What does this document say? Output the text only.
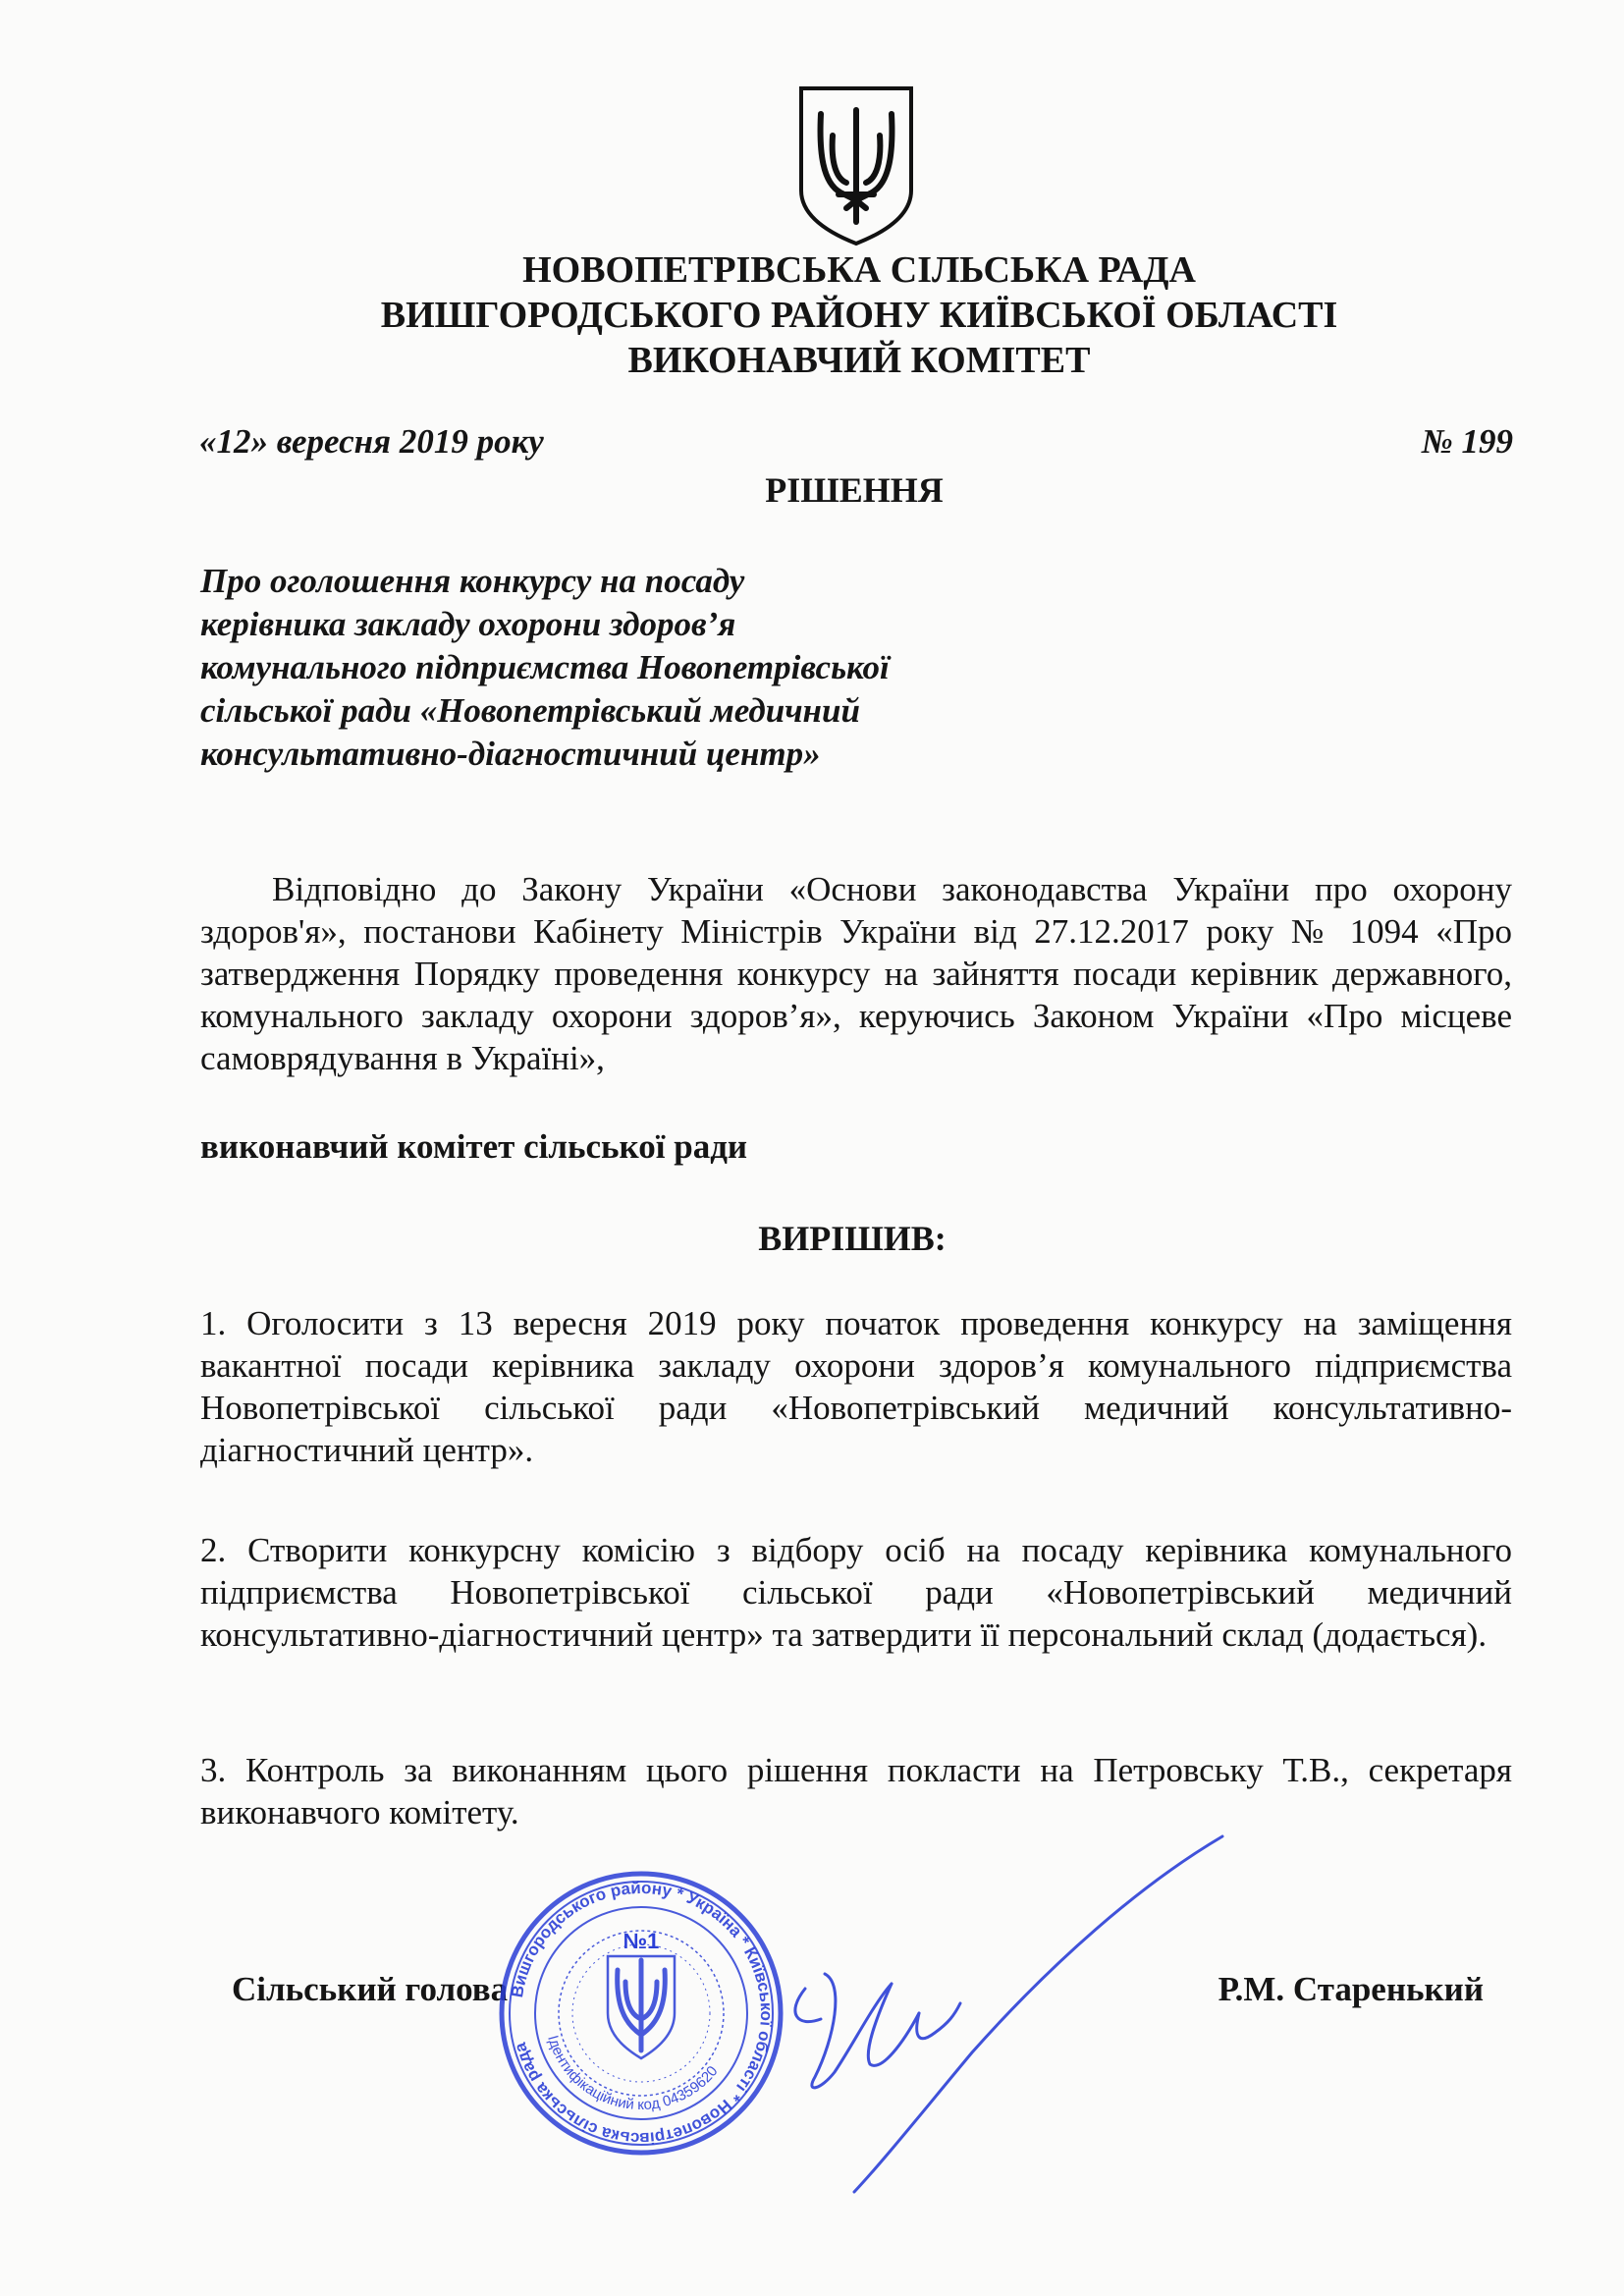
НОВОПЕТРІВСЬКА СІЛЬСЬКА РАДА
ВИШГОРОДСЬКОГО РАЙОНУ КИЇВСЬКОЇ ОБЛАСТІ
ВИКОНАВЧИЙ КОМІТЕТ
«12» вересня 2019 року	№ 199
РІШЕННЯ
Про оголошення конкурсу на посаду
керівника закладу охорони здоров’я
комунального підприємства Новопетрівської
сільської ради «Новопетрівський медичний
консультативно-діагностичний центр»
Відповідно до Закону України «Основи законодавства України про охорону здоров'я», постанови Кабінету Міністрів України від 27.12.2017 року № 1094 «Про затвердження Порядку проведення конкурсу на зайняття посади керівник державного, комунального закладу охорони здоров’я», керуючись Законом України «Про місцеве самоврядування в Україні»,
виконавчий комітет сільської ради
ВИРІШИВ:
1. Оголосити з 13 вересня 2019 року початок проведення конкурсу на заміщення вакантної посади керівника закладу охорони здоров’я комунального підприємства Новопетрівської сільської ради «Новопетрівський медичний консультативно-діагностичний центр».
2. Створити конкурсну комісію з відбору осіб на посаду керівника комунального підприємства Новопетрівської сільської ради «Новопетрівський медичний консультативно-діагностичний центр» та затвердити її персональний склад (додається).
3. Контроль за виконанням цього рішення покласти на Петровську Т.В., секретаря виконавчого комітету.
Сільський голова	Р.М. Старенький
Вишгородського району * Україна * Київської області * Новопетрівська сільська рада
Ідентифікаційний код 04359620
№1
